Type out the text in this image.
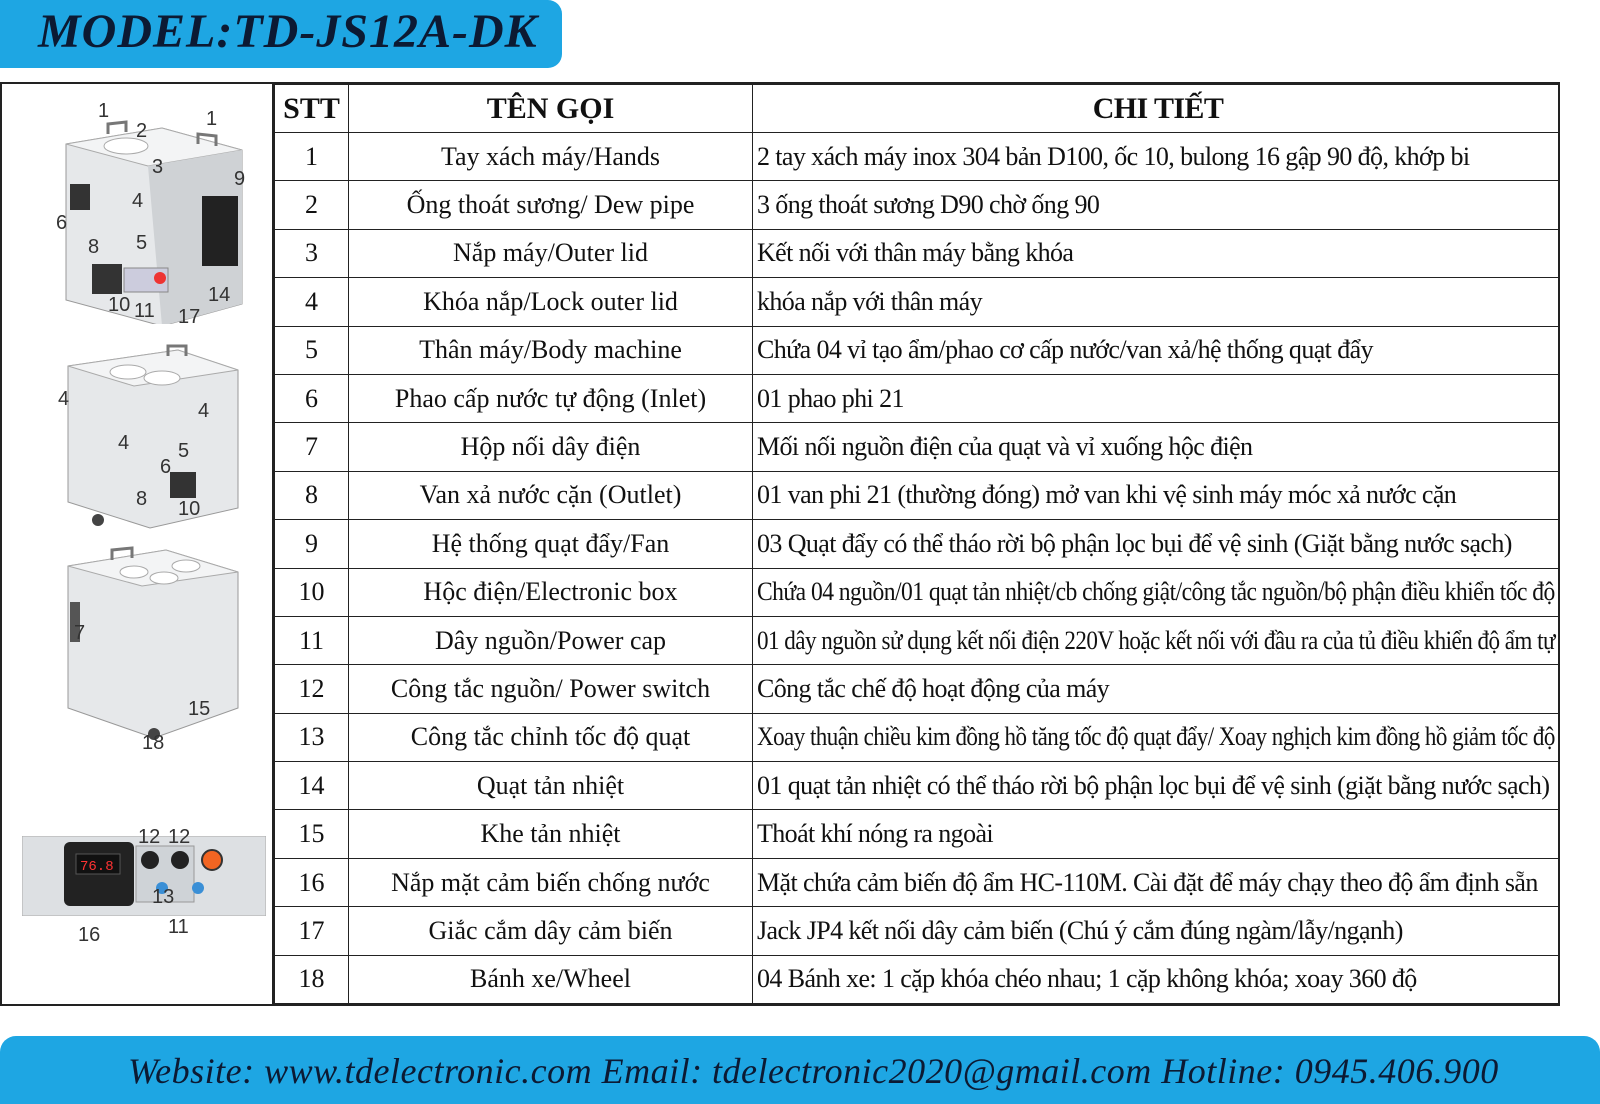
MODEL:TD-JS12A-DK
76.8
1
2
1
3
9
4
6
8 5
14
10 11 17
4
4
4 5
6
8 10
7
15
18
12 12
13
11
16
STT	TÊN GỌI	CHI TIẾT
1	Tay xách máy/Hands	2 tay xách máy inox 304 bản D100, ốc 10, bulong 16 gập 90 độ, khớp bi
2	Ống thoát sương/ Dew pipe	3 ống thoát sương D90 chờ ống 90
3	Nắp máy/Outer lid	Kết nối với thân máy bằng khóa
4	Khóa nắp/Lock outer lid	khóa nắp với thân máy
5	Thân máy/Body machine	Chứa 04 vỉ tạo ẩm/phao cơ cấp nước/van xả/hệ thống quạt đẩy
6	Phao cấp nước tự động (Inlet)	01 phao phi 21
7	Hộp nối dây điện	Mối nối nguồn điện của quạt và vỉ xuống hộc điện
8	Van xả nước cặn (Outlet)	01 van phi 21 (thường đóng) mở van khi vệ sinh máy móc xả nước cặn
9	Hệ thống quạt đẩy/Fan	03 Quạt đẩy có thể tháo rời bộ phận lọc bụi để vệ sinh (Giặt bằng nước sạch)
10	Hộc điện/Electronic box	Chứa 04 nguồn/01 quạt tản nhiệt/cb chống giật/công tắc nguồn/bộ phận điều khiển tốc độ
11	Dây nguồn/Power cap	01 dây nguồn sử dụng kết nối điện 220V hoặc kết nối với đầu ra của tủ điều khiển độ ẩm tự
12	Công tắc nguồn/ Power switch	Công tắc chế độ hoạt động của máy
13	Công tắc chỉnh tốc độ quạt	Xoay thuận chiều kim đồng hồ tăng tốc độ quạt đẩy/ Xoay nghịch kim đồng hồ giảm tốc độ
14	Quạt tản nhiệt	01 quạt tản nhiệt có thể tháo rời bộ phận lọc bụi để vệ sinh (giặt bằng nước sạch)
15	Khe tản nhiệt	Thoát khí nóng ra ngoài
16	Nắp mặt cảm biến chống nước	Mặt chứa cảm biến độ ẩm HC-110M. Cài đặt để máy chạy theo độ ẩm định sẵn
17	Giắc cắm dây cảm biến	Jack JP4 kết nối dây cảm biến (Chú ý cắm đúng ngàm/lẫy/ngạnh)
18	Bánh xe/Wheel	04 Bánh xe: 1 cặp khóa chéo nhau; 1 cặp không khóa; xoay 360 độ
Website: www.tdelectronic.com Email: tdelectronic2020@gmail.com Hotline: 0945.406.900
